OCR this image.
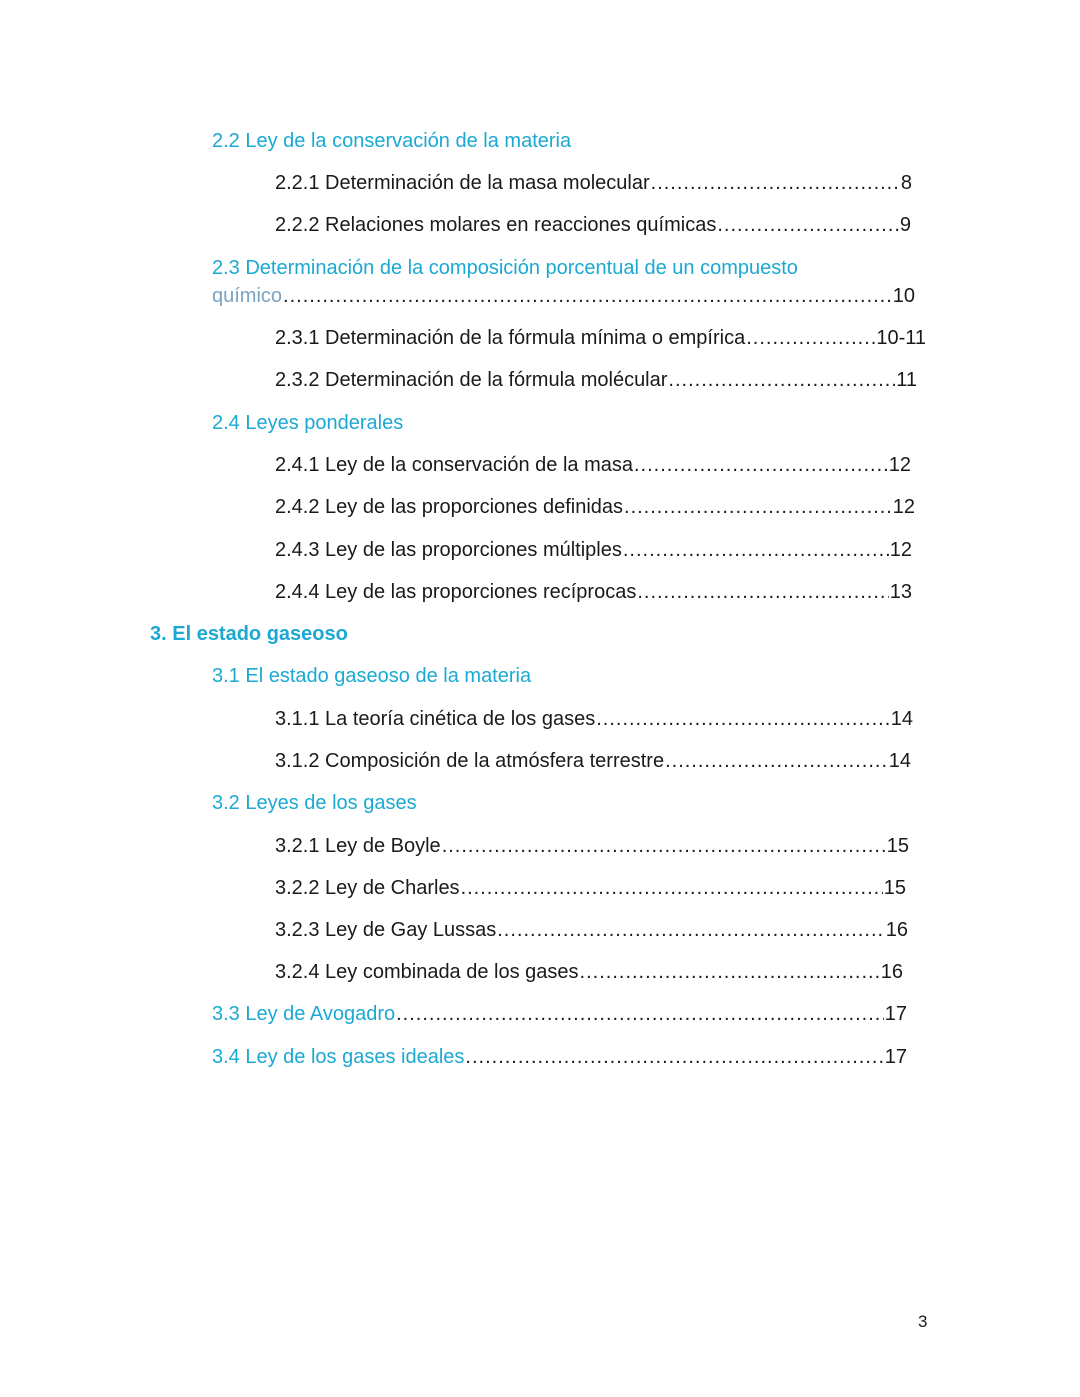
2.2 Ley de la conservación de la materia
2.2.1 Determinación de la masa molecular .....	8
2.2.2 Relaciones molares en reacciones químicas .....	9
2.3 Determinación de la composición porcentual de un compuesto
químico .....	10
2.3.1 Determinación de la fórmula mínima o empírica .....	10-11
2.3.2 Determinación de la fórmula molécular .....	11
2.4 Leyes ponderales
2.4.1 Ley de la conservación de la masa .....	12
2.4.2 Ley de las proporciones definidas .....	12
2.4.3 Ley de las proporciones múltiples .....	12
2.4.4 Ley de las proporciones recíprocas .....	13
3. El estado gaseoso
3.1 El estado gaseoso de la materia
3.1.1 La teoría cinética de los gases .....	14
3.1.2 Composición de la atmósfera terrestre .....	14
3.2 Leyes de los gases
3.2.1 Ley de Boyle .....	15
3.2.2 Ley de Charles .....	15
3.2.3 Ley de Gay Lussas .....	16
3.2.4 Ley combinada de los gases .....	16
3.3 Ley de Avogadro .....	17
3.4 Ley de los gases ideales .....	17
3
